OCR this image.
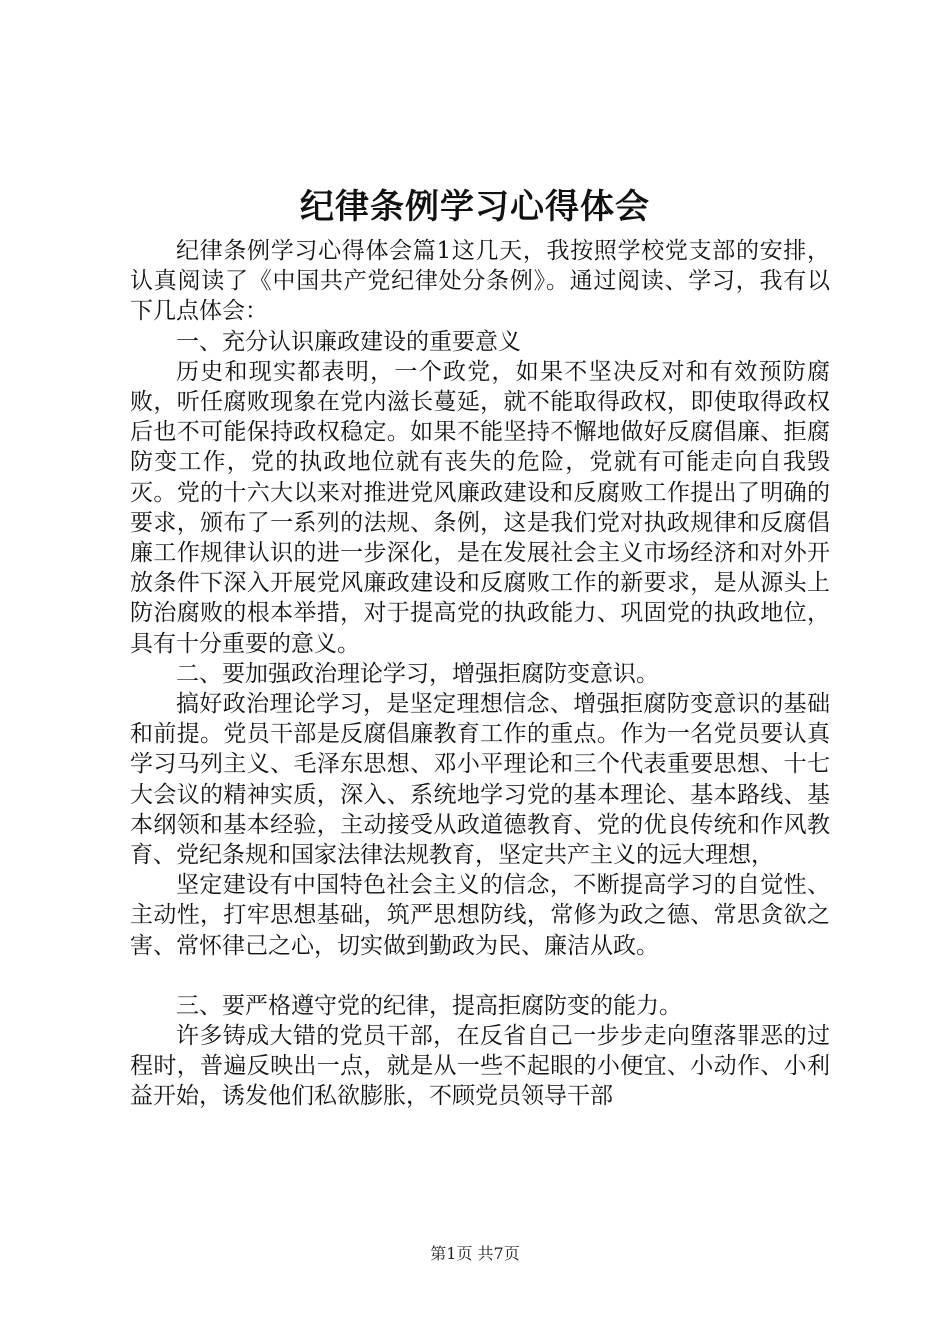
纪律条例学习心得体会

纪律条例学习心得体会篇1这几天，我按照学校党支部的安排，认真阅读了《中国共产党纪律处分条例》。通过阅读、学习，我有以下几点体会：

一、充分认识廉政建设的重要意义

历史和现实都表明，一个政党，如果不坚决反对和有效预防腐败，听任腐败现象在党内滋长蔓延，就不能取得政权，即使取得政权后也不可能保持政权稳定。如果不能坚持不懈地做好反腐倡廉、拒腐防变工作，党的执政地位就有丧失的危险，党就有可能走向自我毁灭。党的十六大以来对推进党风廉政建设和反腐败工作提出了明确的要求，颁布了一系列的法规、条例，这是我们党对执政规律和反腐倡廉工作规律认识的进一步深化，是在发展社会主义市场经济和对外开放条件下深入开展党风廉政建设和反腐败工作的新要求，是从源头上防治腐败的根本举措，对于提高党的执政能力、巩固党的执政地位，具有十分重要的意义。

二、要加强政治理论学习，增强拒腐防变意识。

搞好政治理论学习，是坚定理想信念、增强拒腐防变意识的基础和前提。党员干部是反腐倡廉教育工作的重点。作为一名党员要认真学习马列主义、毛泽东思想、邓小平理论和三个代表重要思想、十七大会议的精神实质，深入、系统地学习党的基本理论、基本路线、基本纲领和基本经验，主动接受从政道德教育、党的优良传统和作风教育、党纪条规和国家法律法规教育，坚定共产主义的远大理想，

坚定建设有中国特色社会主义的信念，不断提高学习的自觉性、主动性，打牢思想基础，筑严思想防线，常修为政之德、常思贪欲之害、常怀律己之心，切实做到勤政为民、廉洁从政。

三、要严格遵守党的纪律，提高拒腐防变的能力。

许多铸成大错的党员干部，在反省自己一步步走向堕落罪恶的过程时，普遍反映出一点，就是从一些不起眼的小便宜、小动作、小利益开始，诱发他们私欲膨胀，不顾党员领导干部

第1页 共7页
